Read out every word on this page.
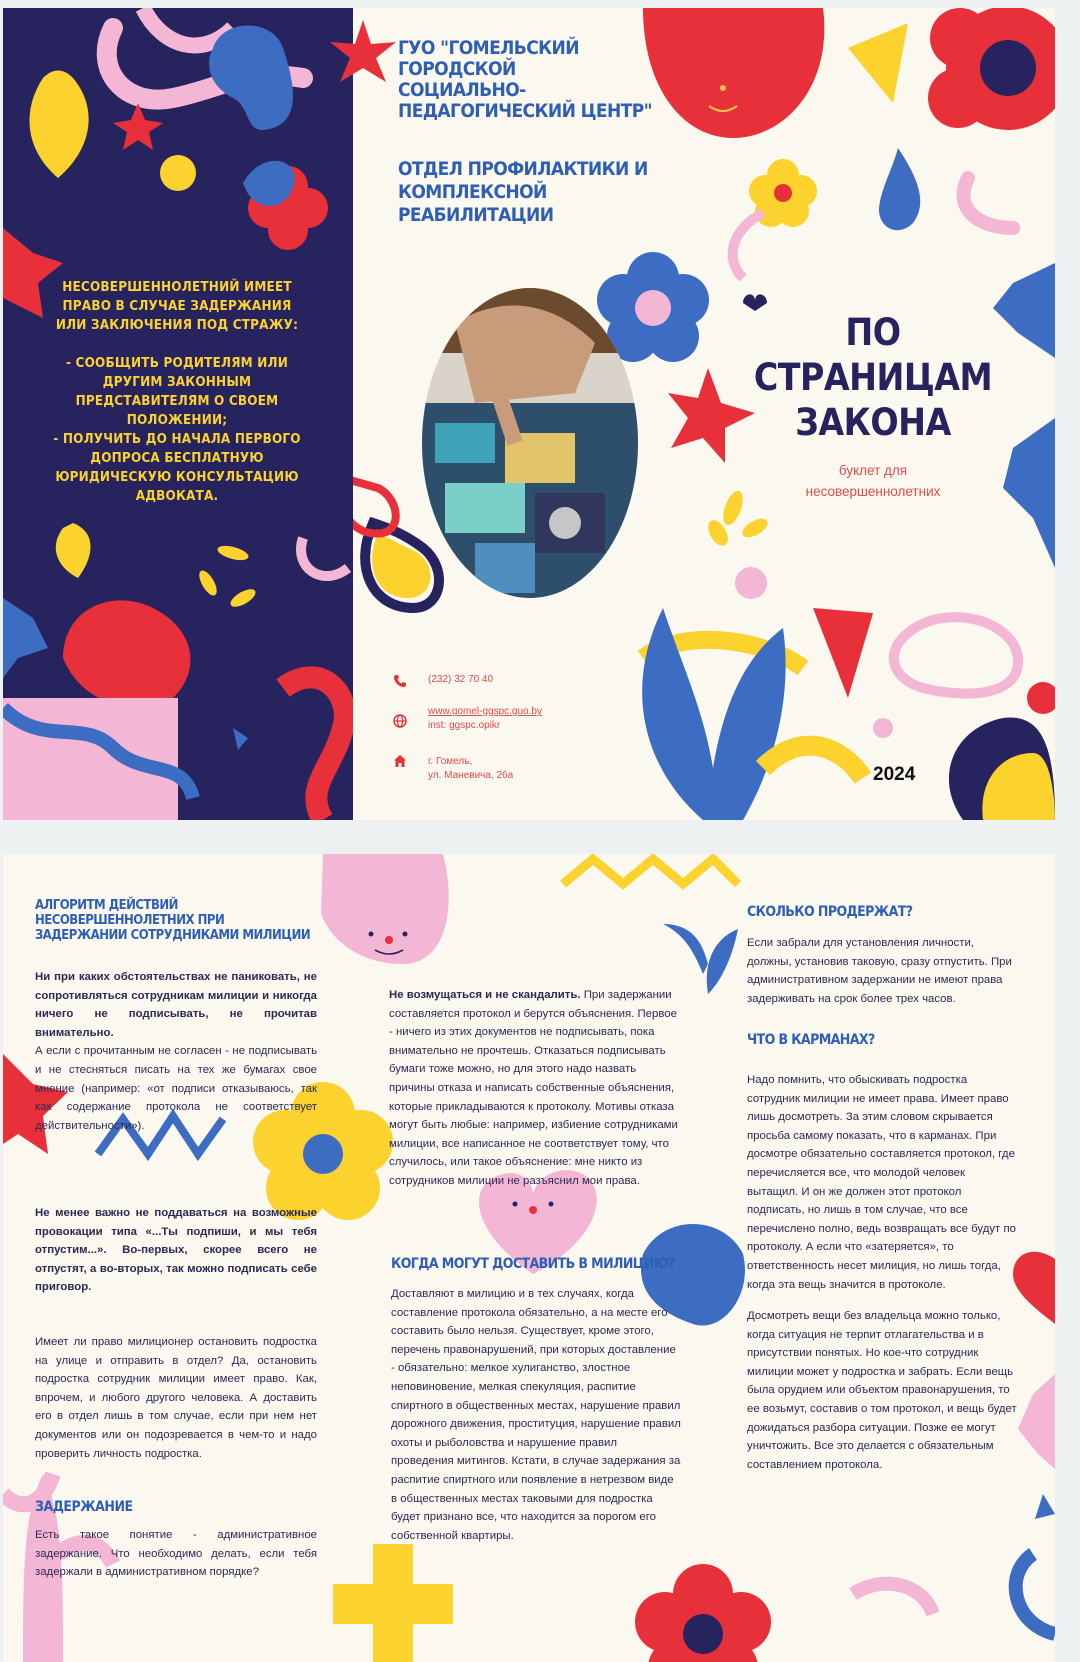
НЕСОВЕРШЕННОЛЕТНИЙ ИМЕЕТ
ПРАВО В СЛУЧАЕ ЗАДЕРЖАНИЯ
ИЛИ ЗАКЛЮЧЕНИЯ ПОД СТРАЖУ:
- СООБЩИТЬ РОДИТЕЛЯМ ИЛИ
ДРУГИМ ЗАКОННЫМ
ПРЕДСТАВИТЕЛЯМ О СВОЕМ
ПОЛОЖЕНИИ;
- ПОЛУЧИТЬ ДО НАЧАЛА ПЕРВОГО
ДОПРОСА БЕСПЛАТНУЮ
ЮРИДИЧЕСКУЮ КОНСУЛЬТАЦИЮ
АДВОКАТА.
ГУО "ГОМЕЛЬСКИЙ
ГОРОДСКОЙ
СОЦИАЛЬНО-
ПЕДАГОГИЧЕСКИЙ ЦЕНТР"
ОТДЕЛ ПРОФИЛАКТИКИ И
КОМПЛЕКСНОЙ
РЕАБИЛИТАЦИИ
ПО
СТРАНИЦАМ
ЗАКОНА
буклет для
несовершеннолетних
(232) 32 70 40
www.gomel-ggspc.guo.by
inst: ggspc.opikr
г. Гомель,
ул. Маневича, 26а	2024
АЛГОРИТМ ДЕЙСТВИЙ
НЕСОВЕРШЕННОЛЕТНИХ ПРИ
ЗАДЕРЖАНИИ СОТРУДНИКАМИ МИЛИЦИИ
Ни при каких обстоятельствах не паниковать, не сопротивляться сотрудникам милиции и никогда ничего не подписывать, не прочитав внимательно.
А если с прочитанным не согласен - не подписывать и не стесняться писать на тех же бумагах свое мнение (например: «от подписи отказываюсь, так как содержание протокола не соответствует действительности»).
Не менее важно не поддаваться на возможные провокации типа «...Ты подпиши, и мы тебя отпустим...». Во-первых, скорее всего не отпустят, а во-вторых, так можно подписать себе приговор.
Имеет ли право милиционер остановить подростка на улице и отправить в отдел? Да, остановить подростка сотрудник милиции имеет право. Как, впрочем, и любого другого человека. А доставить его в отдел лишь в том случае, если при нем нет документов или он подозревается в чем-то и надо проверить личность подростка.
ЗАДЕРЖАНИЕ
Есть такое понятие - административное задержание. Что необходимо делать, если тебя задержали в административном порядке?
Не возмущаться и не скандалить. При задержании составляется протокол и берутся объяснения. Первое - ничего из этих документов не подписывать, пока внимательно не прочтешь. Отказаться подписывать бумаги тоже можно, но для этого надо назвать причины отказа и написать собственные объяснения, которые прикладываются к протоколу. Мотивы отказа могут быть любые: например, избиение сотрудниками милиции, все написанное не соответствует тому, что случилось, или такое объяснение: мне никто из сотрудников милиции не разъяснил мои права.
КОГДА МОГУТ ДОСТАВИТЬ В МИЛИЦИЮ?
Доставляют в милицию и в тех случаях, когда составление протокола обязательно, а на месте его составить было нельзя. Существует, кроме этого, перечень правонарушений, при которых доставление - обязательно: мелкое хулиганство, злостное неповиновение, мелкая спекуляция, распитие спиртного в общественных местах, нарушение правил дорожного движения, проституция, нарушение правил охоты и рыболовства и нарушение правил проведения митингов. Кстати, в случае задержания за распитие спиртного или появление в нетрезвом виде в общественных местах таковыми для подростка будет признано все, что находится за порогом его собственной квартиры.
СКОЛЬКО ПРОДЕРЖАТ?
Если забрали для установления личности, должны, установив таковую, сразу отпустить. При административном задержании не имеют права задерживать на срок более трех часов.
ЧТО В КАРМАНАХ?
Надо помнить, что обыскивать подростка сотрудник милиции не имеет права. Имеет право лишь досмотреть. За этим словом скрывается просьба самому показать, что в карманах. При досмотре обязательно составляется протокол, где перечисляется все, что молодой человек вытащил. И он же должен этот протокол подписать, но лишь в том случае, что все перечислено полно, ведь возвращать все будут по протоколу. А если что «затеряется», то ответственность несет милиция, но лишь тогда, когда эта вещь значится в протоколе.
Досмотреть вещи без владельца можно только, когда ситуация не терпит отлагательства и в присутствии понятых. Но кое-что сотрудник милиции может у подростка и забрать. Если вещь была орудием или объектом правонарушения, то ее возьмут, составив о том протокол, и вещь будет дожидаться разбора ситуации. Позже ее могут уничтожить. Все это делается с обязательным составлением протокола.
